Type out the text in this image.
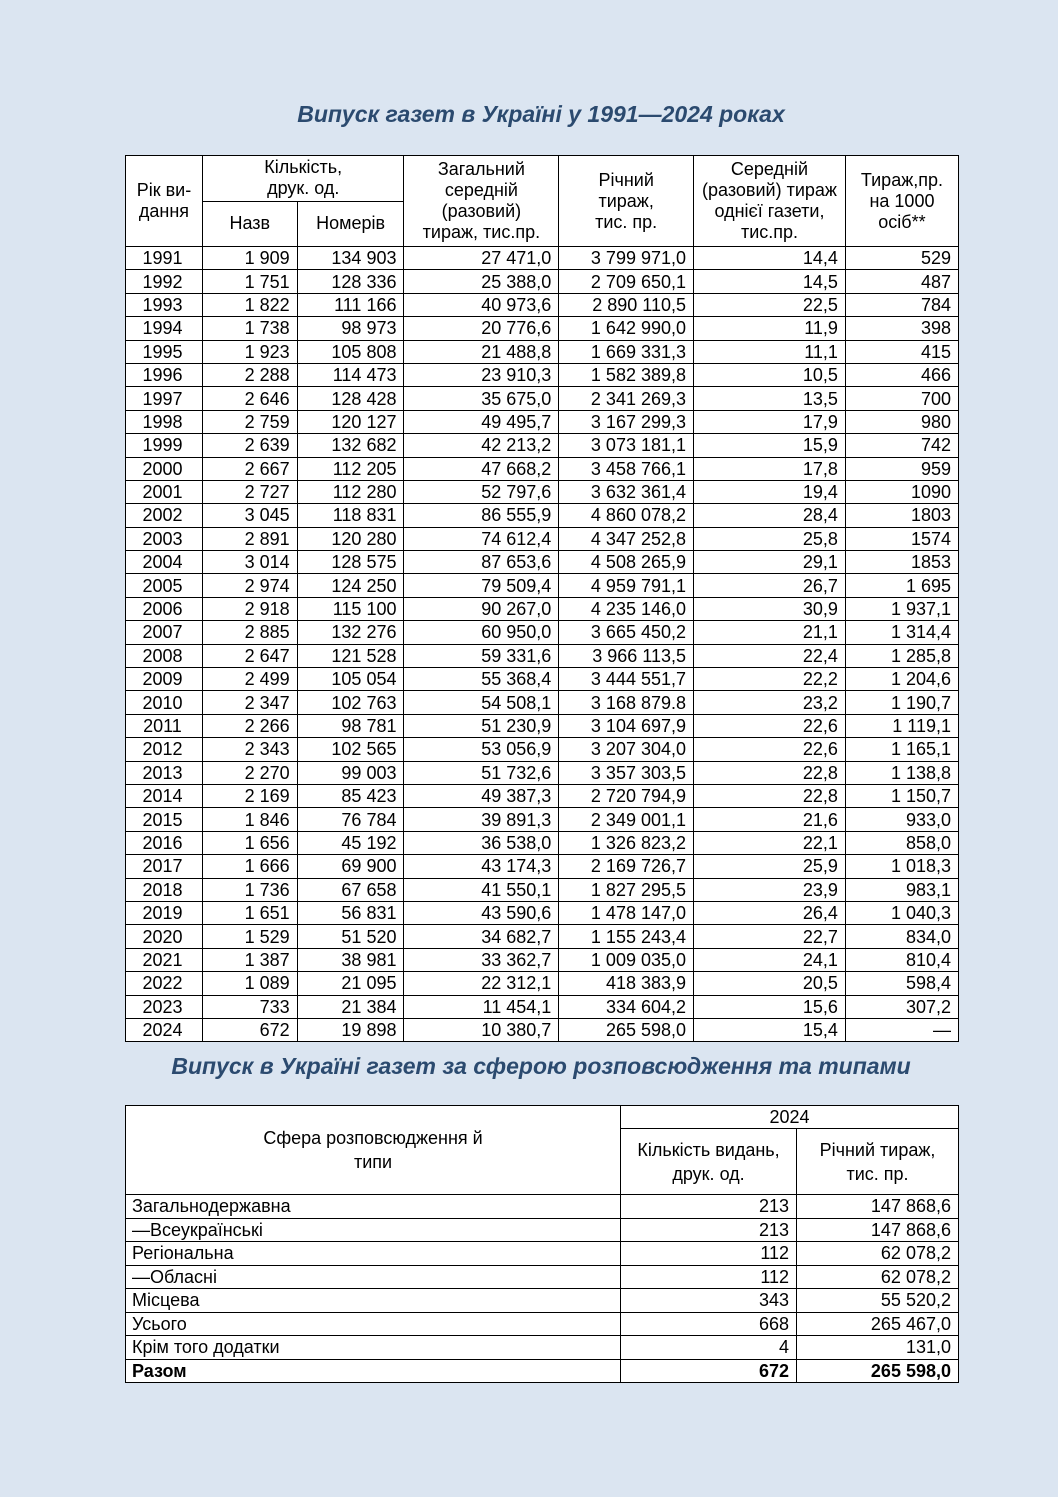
Випуск газет в Україні у 1991—2024 роках
Рік ви-дання	Кількість, друк. од.		Загальний середній (разовий) тираж, тис.пр.	Річний тираж, тис. пр.	Середній (разовий) тираж однієї газети, тис.пр.	Тираж,пр. на 1000 осіб**

	Назв	Номерів				
1991	1 909	134 903	27 471,0	3 799 971,0	14,4	529
1992	1 751	128 336	25 388,0	2 709 650,1	14,5	487
1993	1 822	111 166	40 973,6	2 890 110,5	22,5	784
1994	1 738	98 973	20 776,6	1 642 990,0	11,9	398
1995	1 923	105 808	21 488,8	1 669 331,3	11,1	415
1996	2 288	114 473	23 910,3	1 582 389,8	10,5	466
1997	2 646	128 428	35 675,0	2 341 269,3	13,5	700
1998	2 759	120 127	49 495,7	3 167 299,3	17,9	980
1999	2 639	132 682	42 213,2	3 073 181,1	15,9	742
2000	2 667	112 205	47 668,2	3 458 766,1	17,8	959
2001	2 727	112 280	52 797,6	3 632 361,4	19,4	1090
2002	3 045	118 831	86 555,9	4 860 078,2	28,4	1803
2003	2 891	120 280	74 612,4	4 347 252,8	25,8	1574
2004	3 014	128 575	87 653,6	4 508 265,9	29,1	1853
2005	2 974	124 250	79 509,4	4 959 791,1	26,7	1 695
2006	2 918	115 100	90 267,0	4 235 146,0	30,9	1 937,1
2007	2 885	132 276	60 950,0	3 665 450,2	21,1	1 314,4
2008	2 647	121 528	59 331,6	3 966 113,5	22,4	1 285,8
2009	2 499	105 054	55 368,4	3 444 551,7	22,2	1 204,6
2010	2 347	102 763	54 508,1	3 168 879.8	23,2	1 190,7
2011	2 266	98 781	51 230,9	3 104 697,9	22,6	1 119,1
2012	2 343	102 565	53 056,9	3 207 304,0	22,6	1 165,1
2013	2 270	99 003	51 732,6	3 357 303,5	22,8	1 138,8
2014	2 169	85 423	49 387,3	2 720 794,9	22,8	1 150,7
2015	1 846	76 784	39 891,3	2 349 001,1	21,6	933,0
2016	1 656	45 192	36 538,0	1 326 823,2	22,1	858,0
2017	1 666	69 900	43 174,3	2 169 726,7	25,9	1 018,3
2018	1 736	67 658	41 550,1	1 827 295,5	23,9	983,1
2019	1 651	56 831	43 590,6	1 478 147,0	26,4	1 040,3
2020	1 529	51 520	34 682,7	1 155 243,4	22,7	834,0
2021	1 387	38 981	33 362,7	1 009 035,0	24,1	810,4
2022	1 089	21 095	22 312,1	418 383,9	20,5	598,4
2023	733	21 384	11 454,1	334 604,2	15,6	307,2
2024	672	19 898	10 380,7	265 598,0	15,4	—
Випуск в Україні газет за сферою розповсюдження та типами
Сфера розповсюдження й типи	2024	

	Кількість видань, друк. од.	Річний тираж, тис. пр.

Загальнодержавна	213	147 868,6
—Всеукраїнські	213	147 868,6
Регіональна	112	62 078,2
—Обласні	112	62 078,2
Місцева	343	55 520,2
Усього	668	265 467,0
Крім того додатки	4	131,0
Разом	672	265 598,0
